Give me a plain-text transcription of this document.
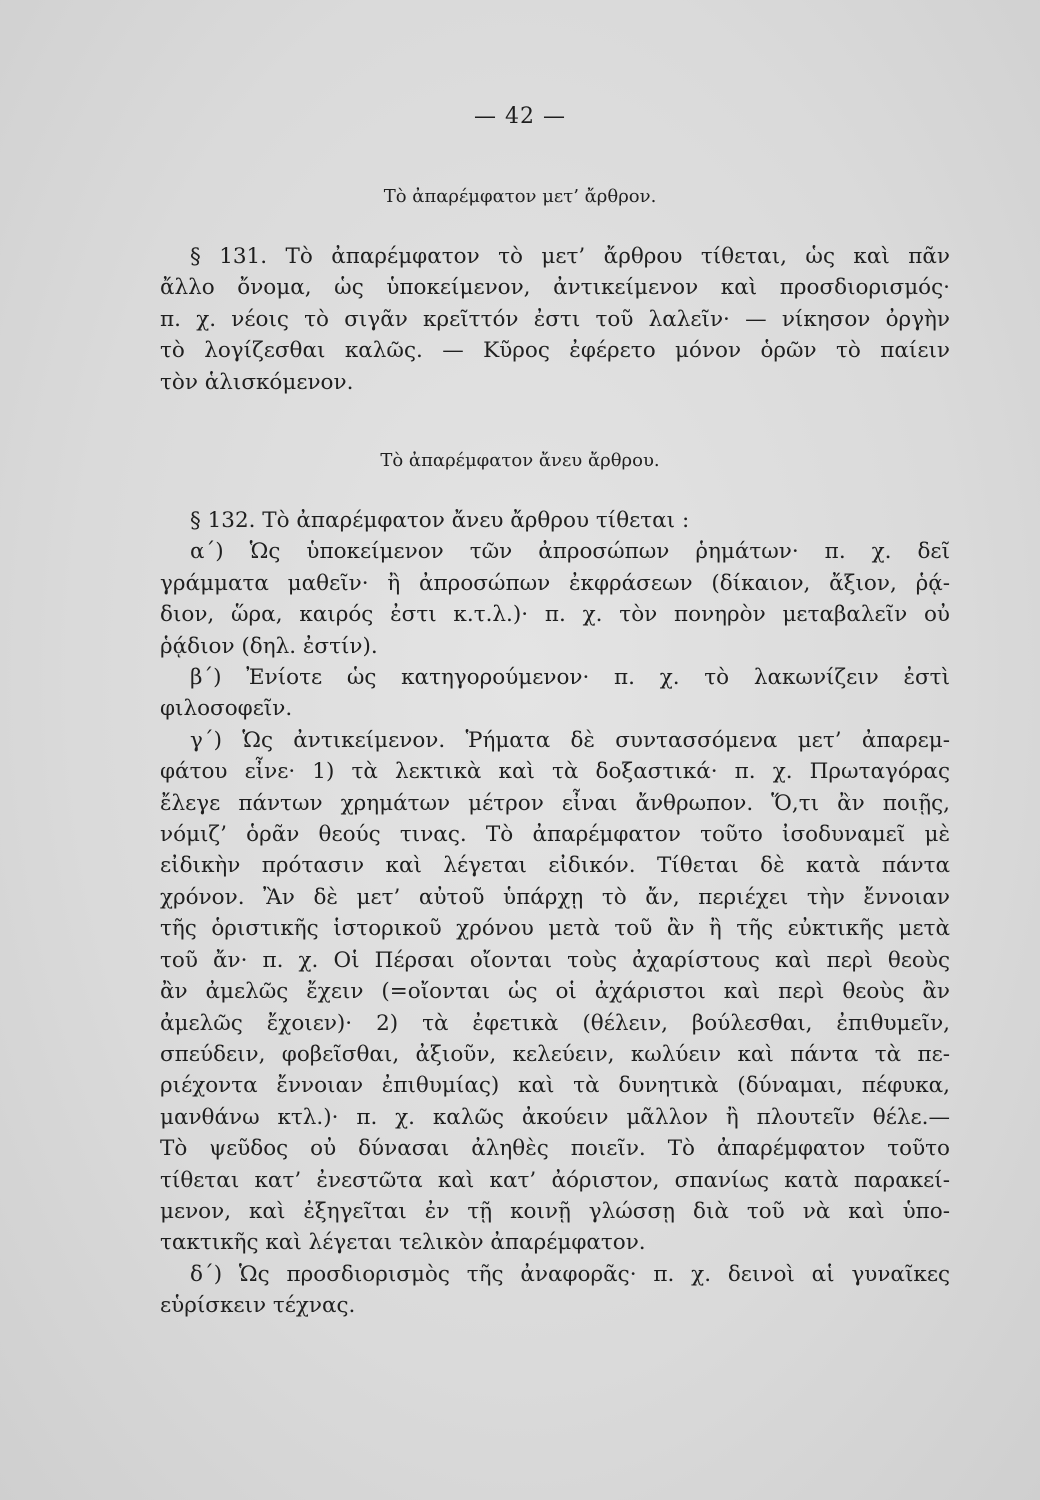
— 42 —
Τὸ ἀπαρέμφατον μετ’ ἄρθρον.
§ 131. Τὸ ἀπαρέμφατον τὸ μετ’ ἄρθρου τίθεται, ὡς καὶ πᾶν
ἄλλο ὄνομα, ὡς ὑποκείμενον, ἀντικείμενον καὶ προσδιορισμός·
π. χ. νέοις τὸ σιγᾶν κρεῖττόν ἐστι τοῦ λαλεῖν· — νίκησον ὀργὴν
τὸ λογίζεσθαι καλῶς. — Κῦρος ἐφέρετο μόνον ὁρῶν τὸ παίειν
τὸν ἁλισκόμενον.
Τὸ ἀπαρέμφατον ἄνευ ἄρθρου.
§ 132. Τὸ ἀπαρέμφατον ἄνευ ἄρθρου τίθεται :
α΄) Ὡς ὑποκείμενον τῶν ἀπροσώπων ῥημάτων· π. χ. δεῖ
γράμματα μαθεῖν· ἢ ἀπροσώπων ἐκφράσεων (δίκαιον, ἄξιον, ῥᾴ-
διον, ὥρα, καιρός ἐστι κ.τ.λ.)· π. χ. τὸν πονηρὸν μεταβαλεῖν οὐ
ῥᾴδιον (δηλ. ἐστίν).
β΄) Ἐνίοτε ὡς κατηγορούμενον· π. χ. τὸ λακωνίζειν ἐστὶ
φιλοσοφεῖν.
γ΄) Ὡς ἀντικείμενον. Ῥήματα δὲ συντασσόμενα μετ’ ἀπαρεμ-
φάτου εἶνε· 1) τὰ λεκτικὰ καὶ τὰ δοξαστικά· π. χ. Πρωταγόρας
ἔλεγε πάντων χρημάτων μέτρον εἶναι ἄνθρωπον. Ὅ,τι ἂν ποιῇς,
νόμιζ’ ὁρᾶν θεούς τινας. Τὸ ἀπαρέμφατον τοῦτο ἰσοδυναμεῖ μὲ
εἰδικὴν πρότασιν καὶ λέγεται εἰδικόν. Τίθεται δὲ κατὰ πάντα
χρόνον. Ἂν δὲ μετ’ αὐτοῦ ὑπάρχῃ τὸ ἄν, περιέχει τὴν ἔννοιαν
τῆς ὁριστικῆς ἱστορικοῦ χρόνου μετὰ τοῦ ἂν ἢ τῆς εὐκτικῆς μετὰ
τοῦ ἄν· π. χ. Οἱ Πέρσαι οἴονται τοὺς ἀχαρίστους καὶ περὶ θεοὺς
ἂν ἀμελῶς ἔχειν (=οἴονται ὡς οἱ ἀχάριστοι καὶ περὶ θεοὺς ἂν
ἀμελῶς ἔχοιεν)· 2) τὰ ἐφετικὰ (θέλειν, βούλεσθαι, ἐπιθυμεῖν,
σπεύδειν, φοβεῖσθαι, ἀξιοῦν, κελεύειν, κωλύειν καὶ πάντα τὰ πε-
ριέχοντα ἔννοιαν ἐπιθυμίας) καὶ τὰ δυνητικὰ (δύναμαι, πέφυκα,
μανθάνω κτλ.)· π. χ. καλῶς ἀκούειν μᾶλλον ἢ πλουτεῖν θέλε.—
Τὸ ψεῦδος οὐ δύνασαι ἀληθὲς ποιεῖν. Τὸ ἀπαρέμφατον τοῦτο
τίθεται κατ’ ἐνεστῶτα καὶ κατ’ ἀόριστον, σπανίως κατὰ παρακεί-
μενον, καὶ ἐξηγεῖται ἐν τῇ κοινῇ γλώσσῃ διὰ τοῦ νὰ καὶ ὑπο-
τακτικῆς καὶ λέγεται τελικὸν ἀπαρέμφατον.
δ΄) Ὡς προσδιορισμὸς τῆς ἀναφορᾶς· π. χ. δεινοὶ αἱ γυναῖκες
εὑρίσκειν τέχνας.
